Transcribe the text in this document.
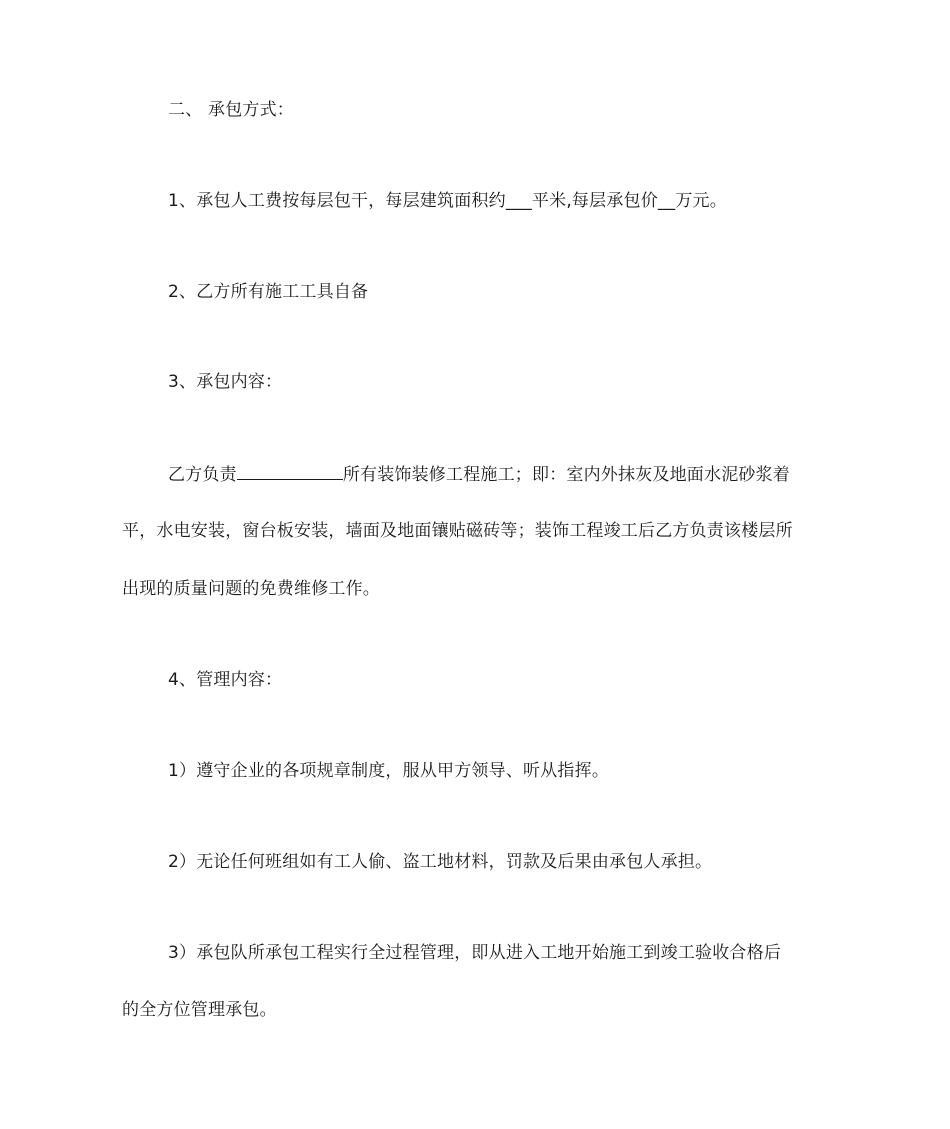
二、 承包方式：
1、承包人工费按每层包干，每层建筑面积约___平米,每层承包价__万元。
2、乙方所有施工工具自备
3、承包内容：
乙方负责	所有装饰装修工程施工；即：室内外抹灰及地面水泥砂浆着
平，水电安装，窗台板安装，墙面及地面镶贴磁砖等；装饰工程竣工后乙方负责该楼层所
出现的质量问题的免费维修工作。
4、管理内容：
1）遵守企业的各项规章制度，服从甲方领导、听从指挥。
2）无论任何班组如有工人偷、盗工地材料，罚款及后果由承包人承担。
3）承包队所承包工程实行全过程管理，即从进入工地开始施工到竣工验收合格后
的全方位管理承包。
